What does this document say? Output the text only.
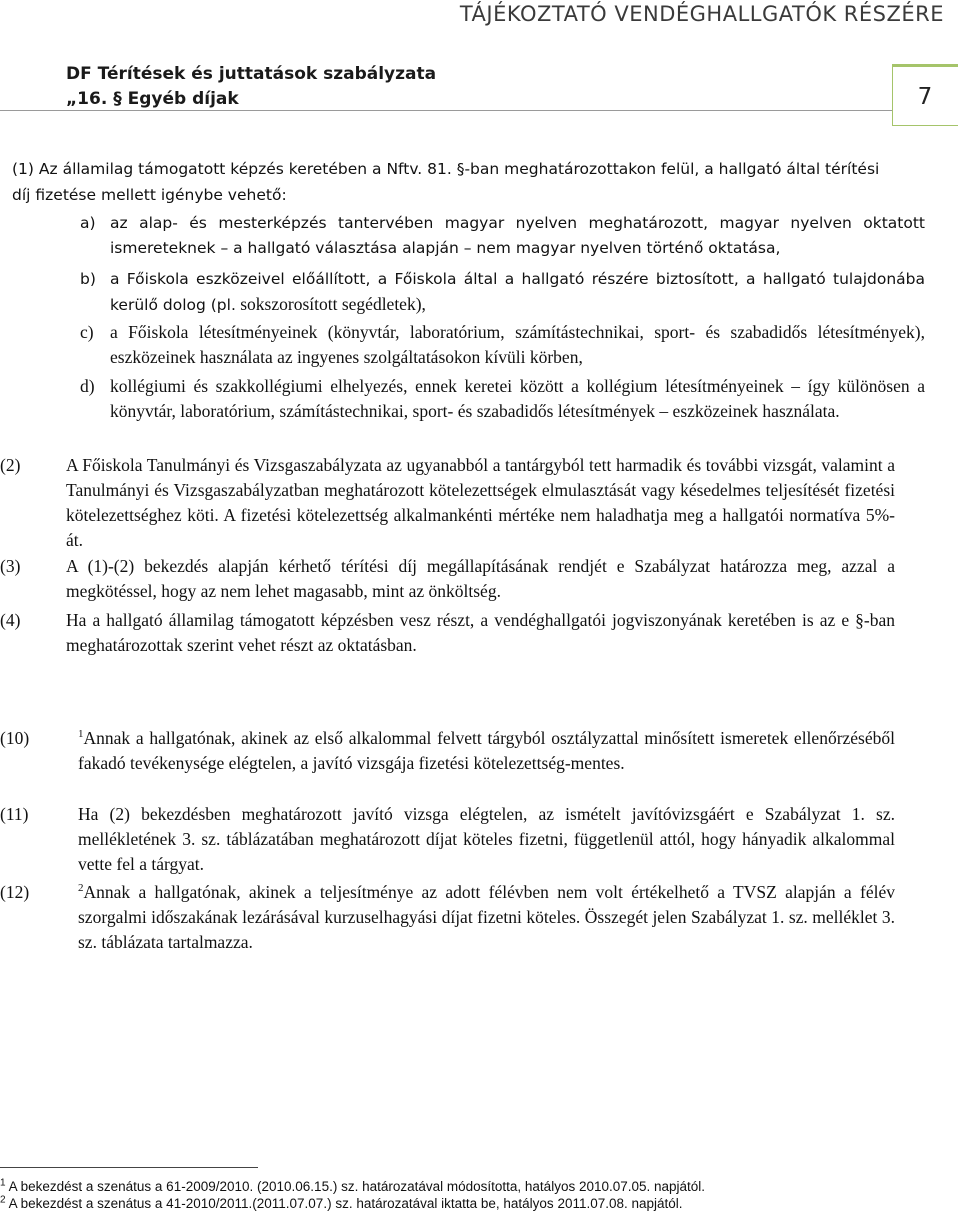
TÁJÉKOZTATÓ VENDÉGHALLGATÓK RÉSZÉRE
DF Térítések és juttatások szabályzata
„16. § Egyéb díjak	7
(1) Az államilag támogatott képzés keretében a Nftv. 81. §-ban meghatározottakon felül, a hallgató által térítési díj fizetése mellett igénybe vehető:
a) az alap- és mesterképzés tantervében magyar nyelven meghatározott, magyar nyelven oktatott ismereteknek – a hallgató választása alapján – nem magyar nyelven történő oktatása,
b) a Főiskola eszközeivel előállított, a Főiskola által a hallgató részére biztosított, a hallgató tulajdonába kerülő dolog (pl. sokszorosított segédletek),
c) a Főiskola létesítményeinek (könyvtár, laboratórium, számítástechnikai, sport- és szabadidős létesítmények), eszközeinek használata az ingyenes szolgáltatásokon kívüli körben,
d) kollégiumi és szakkollégiumi elhelyezés, ennek keretei között a kollégium létesítményeinek – így különösen a könyvtár, laboratórium, számítástechnikai, sport- és szabadidős létesítmények – eszközeinek használata.
(2)	A Főiskola Tanulmányi és Vizsgaszabályzata az ugyanabból a tantárgyból tett harmadik és további vizsgát, valamint a Tanulmányi és Vizsgaszabályzatban meghatározott kötelezettségek elmulasztását vagy késedelmes teljesítését fizetési kötelezettséghez köti. A fizetési kötelezettség alkalmankénti mértéke nem haladhatja meg a hallgatói normatíva 5%-át.
(3)	A (1)-(2) bekezdés alapján kérhető térítési díj megállapításának rendjét e Szabályzat határozza meg, azzal a megkötéssel, hogy az nem lehet magasabb, mint az önköltség.
(4)	Ha a hallgató államilag támogatott képzésben vesz részt, a vendéghallgatói jogviszonyának keretében is az e §-ban meghatározottak szerint vehet részt az oktatásban.
(10)	$^1$Annak a hallgatónak, akinek az első alkalommal felvett tárgyból osztályzattal minősített ismeretek ellenőrzéséből fakadó tevékenysége elégtelen, a javító vizsgája fizetési kötelezettség-mentes.
(11)	Ha (2) bekezdésben meghatározott javító vizsga elégtelen, az ismételt javítóvizsgáért e Szabályzat 1. sz. mellékletének 3. sz. táblázatában meghatározott díjat köteles fizetni, függetlenül attól, hogy hányadik alkalommal vette fel a tárgyat.
(12)	$^2$Annak a hallgatónak, akinek a teljesítménye az adott félévben nem volt értékelhető a TVSZ alapján a félév szorgalmi időszakának lezárásával kurzuselhagyási díjat fizetni köteles. Összegét jelen Szabályzat 1. sz. melléklet 3. sz. táblázata tartalmazza.
$^1$ A bekezdést a szenátus a 61-2009/2010. (2010.06.15.) sz. határozatával módosította, hatályos 2010.07.05. napjától.
$^2$ A bekezdést a szenátus a 41-2010/2011.(2011.07.07.) sz. határozatával iktatta be, hatályos 2011.07.08. napjától.
